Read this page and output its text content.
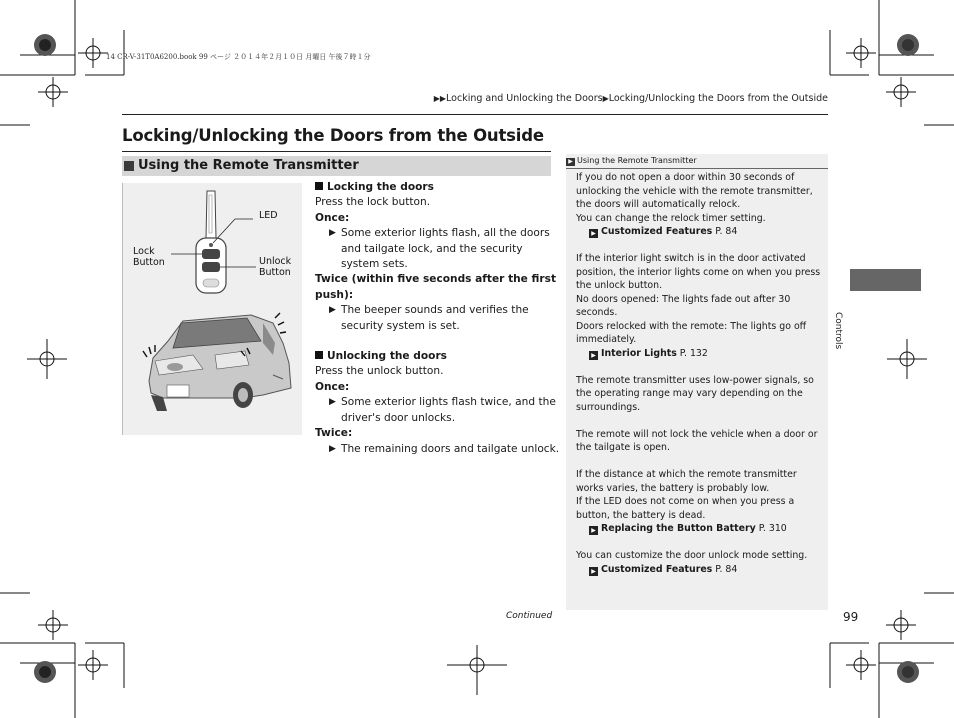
14 CR-V-31T0A6200.book 99 ページ ２０１４年２月１０日 月曜日 午後７時１分
▶▶Locking and Unlocking the Doors▶Locking/Unlocking the Doors from the Outside
Locking/Unlocking the Doors from the Outside
Using the Remote Transmitter
LED
Lock
Button	Unlock
Button

Locking the doors

Press the lock button.

Once:

▶ Some exterior lights flash, all the doors and tailgate lock, and the security system sets.

Twice (within five seconds after the first push):

▶ The beeper sounds and verifies the security system is set.

Unlocking the doors

Press the unlock button.

Once:

▶ Some exterior lights flash twice, and the driver's door unlocks.

Twice:

▶ The remaining doors and tailgate unlock.

▶ Using the Remote Transmitter

If you do not open a door within 30 seconds of unlocking the vehicle with the remote transmitter, the doors will automatically relock.

You can change the relock timer setting.

▶ Customized Features P. 84

If the interior light switch is in the door activated position, the interior lights come on when you press the unlock button.

No doors opened: The lights fade out after 30 seconds.

Doors relocked with the remote: The lights go off immediately.

▶ Interior Lights P. 132

The remote transmitter uses low-power signals, so the operating range may vary depending on the surroundings.

The remote will not lock the vehicle when a door or the tailgate is open.

If the distance at which the remote transmitter works varies, the battery is probably low.

If the LED does not come on when you press a button, the battery is dead.

▶ Replacing the Button Battery P. 310

You can customize the door unlock mode setting.

▶ Customized Features P. 84

Controls
Continued	99
